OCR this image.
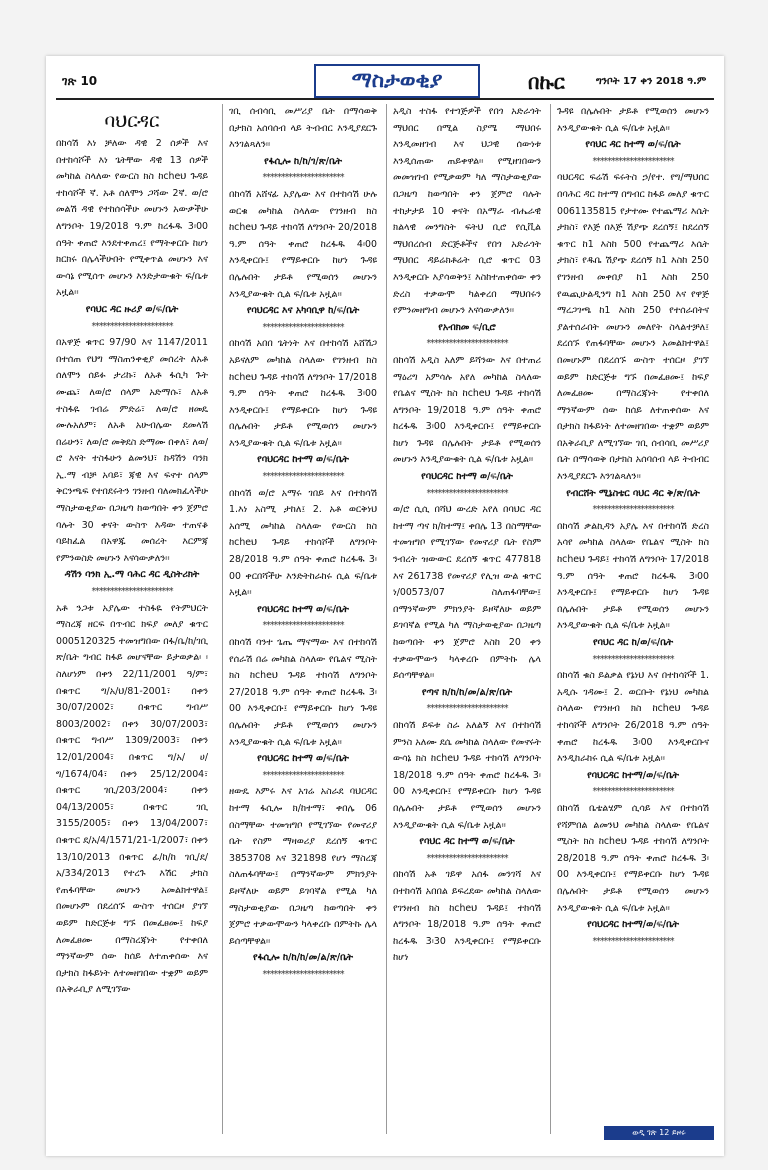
ገጽ 10	ማስታወቂያ	በኩር	ግንቦት 17 ቀን 2018 ዓ.ም
ባህርዳር

በከሳሽ እነ ቻለው ዳዊ 2 ሰዎች እና በተከሳሾች እነ ጌትቸው ዳዊ 13 ሰዎች መካከል ስላለው የውርስ ክስ ከcheህ ጉዳይ ተከሳሾች ኛ. አቶ ሰለሞን ጋሻው 2ኛ. ወ/ሮ መልሽ ዳዊ የተከሰሳችሁ መሆኑን አውቃችሁ ለግንቦት 19/2018 ዓ.ም ከረፋዱ 3፡00 ሰዓት ቀጠሮ እንደተቀጠረ፤ የማትቀርቡ ከሆነ ክርክሩ በሌላችሁበት የሚቀጥል መሆኑን እና ውሳኔ የሚሰጥ መሆኑን እንድታውቁት ፍ/ቤቱ አዟል፡፡

የባህር ዳር ዙሪያ ወ/ፍ/ቤት

**********************

በአዋጅ ቁጥር 97/90 እና 1147/2011 በተሰጠ የህግ ማስጠንቀቂያ መሰረት ለአቶ ሰለሞን ሰይፉ ታሪኩ፣ ለአቶ ፋሲካ ጉት ሙጨ፣ ለወ/ሮ ሰላም አድማሱ፣ ለአቶ ተስፋዬ ገብሬ ምድሬ፣ ለወ/ሮ ዘመዴ ሙሉአለም፣ ለአቶ አሁብሌው ደመላሽ በሬሁን፣ ለወ/ሮ መቅደስ ድማሙ በቀለ፣ ለወ/ሮ እናት ተስፋሁን ልመንህ፣ ከዳሽን ባንክ ኢ.ማ ብቻ አባይ፣ ጃዊ እና ፍኖተ ሰላም ቅርንጫፍ የተበደሩትን ገንዘብ ባለመክፈላችሁ ማስታወቂያው በጋዜጣ ከወጣበት ቀን ጀምሮ ባሉት 30 ቀናት ውስጥ እዳው ተጠናቆ ባይከፈል በአዋጁ መሰረት እርምጃ የምንወስድ መሆኑን እናሳውቃለን፡፡

ዳሽን ባንክ ኢ.ማ ባሕር ዳር ዲስትሪክት

**********************

አቶ ንጋቱ አያሌው ተስፋዬ የትምህርት ማስረጃ ዘርፍ በጥብር ክፍያ መለያ ቁጥር 0005120325 ተመዝግበው በፋ/ቤ/ከ/ገቢ ጽ/ቤት ግብር ከፋይ መሆናቸው ይታወቃል፡ ፡ ስለሆነም በቀን 22/11/2001 ዓ/ም፣ በቁጥር ግ/አ/ህ/81-2001፣ በቀን 30/07/2002፣ በቁጥር ግብሥ 8003/2002፣ በቀን 30/07/2003፣ በቁጥር ግብሥ 1309/2003፣ በቀን 12/01/2004፣ በቁጥር ግ/አ/ ሀ/ግ/1674/04፣ በቀን 25/12/2004፣ በቁጥር ገቢ/203/2004፣ በቀን 04/13/2005፣ በቁጥር ገቢ 3155/2005፣ በቀን 13/04/2007፣ በቁጥር ደ/አ/4/1571/21-1/2007፣ በቀን 13/10/2013 በቁጥር ፊ/ከ/ከ ገቢ/ደ/አ/334/2013 የተረጉ እሽር ታክስ የጠፋባቸው መሆኑን አመልክተዋል፤ በመሆኑም በደረሰኙ ውስጥ ተሰርዞ ያገኘ ወይም ከድርጅቱ ግኙ በመፈፀሙ፤ ከፍያ ለመፈፀሙ በማስረጃነት የተቀበለ ማንኛውም ሰው ከሰይ ለተጠቀሰው እና በታክስ ከፋይነት ለተመዘገበው ተቋም ወይም በአቅራቢያ ለሚገኘው

ገቢ ሰብሳቢ መሥሪያ ቤት በማሳወቅ በታክስ አሰባሰብ ላይ ትብብር እንዲያደርጉ እንገልጻለን፡፡

የፋሲሎ ከ/ከ/ገ/ጽ/ቤት

**********************

በከሳሽ አሸናፊ አያሌው እና በተከሳሽ ሁሉ ወርቁ መካከል ስላለው የገንዘብ ክስ ከcheህ ጉዳይ ተከሳሽ ለግንቦት 20/2018 ዓ.ም ሰዓት ቀጠሮ ከረፋዱ 4፡00 እንዲቀርቡ፤ የማይቀርቡ ከሆነ ጉዳዩ በሌሉበት ታይቶ የሚወሰን መሆኑን እንዲያውቁት ሲል ፍ/ቤቱ አዟል፡፡

የባህርዳር እና አካባቢዋ ከ/ፍ/ቤት

**********************

በከሳሽ አበበ ጌትነት እና በተከሳሽ አሸሽጋ አይናለም መካከል ስላለው የገንዘብ ክስ ከcheህ ጉዳይ ተከሳሽ ለግንቦት 17/2018 ዓ.ም ሰዓት ቀጠሮ ከረፋዱ 3፡00 እንዲቀርቡ፤ የማይቀርቡ ከሆነ ጉዳዩ በሌሉበት ታይቶ የሚወሰን መሆኑን እንዲያውቁት ሲል ፍ/ቤቱ አዟል፡፡

የባህርዳር ከተማ ወ/ፍ/ቤት

**********************

በከሳሽ ወ/ሮ አማሩ ገበይ እና በተከሳሽ 1.እነ አስሚ ታከለ፤ 2. አቶ ወርቅነህ አሰሚ መካከል ስላለው የውርስ ክስ ከcheህ ጉዳይ ተከሳሾች ለግንቦት 28/2018 ዓ.ም ሰዓት ቀጠሮ ከረፋዱ 3፡00 ቀርበሻችሁ እንድትከራከሩ ሲል ፍ/ቤቱ አዟል፡፡

የባህርዳር ከተማ ወ/ፍ/ቤት

**********************

በከሳሽ ባንተ ጌጤ ማናማው እና በተከሳሽ የሰራሽ በሬ መካከል ስላለው የቤልና ሚስት ክስ ከcheህ ጉዳይ ተከሳሽ ለግንቦት 27/2018 ዓ.ም ሰዓት ቀጠሮ ከረፋዱ 3፡00 እንዲቀርቡ፤ የማይቀርቡ ከሆነ ጉዳዩ በሌሉበት ታይቶ የሚወሰን መሆኑን እንዲያውቁት ሲል ፍ/ቤቱ አዟል፡፡

የባህርዳር ከተማ ወ/ፍ/ቤት

**********************

ዘውዴ እምሩ እና አገሬ አስራደ ባህርዳር ከተማ ፋሲሎ ክ/ከተማ፣ ቀበሌ 06 በስማቸው ተመዝግቦ የሚገኘው የመኖሪያ ቤት የስም ማዛወሪያ ደረሰኝ ቁጥር 3853708 እና 321898 የሆነ ማስረጃ ስለጠፋባቸው፤ በማንኛውም ምክንያት ይዞኛለሁ ወይም ይገባኛል የሚል ካለ ማስታወቂያው በጋዜጣ ከወጣበት ቀን ጀምሮ ተቃውሞውን ካላቀረቡ በምትኩ ሌላ ይሰጣቸዋል፡፡

የፋሲሎ ከ/ከ/ከ/መ/ል/ጽ/ቤት

**********************

አዲስ ተስፋ የተጎጅዎች የበጎ አድራጎት ማህበር በሚል ስያሜ ማህበሩ እንዲመዘገብ እና ህጋዊ ሰውነቱ እንዲሰጠው ጠይቀዋል፡፡ የሚዘገበውን መመዝገብ የሚቃወም ካለ ማስታወቂያው በጋዜጣ ከወጣበት ቀን ጀምሮ ባሉት ተከታታይ 10 ቀናት በአማራ ብሔራዊ ክልላዊ መንግስት ፍትህ ቢሮ የሲቪል ማህበረሰብ ድርጅቶችና የበጎ አድራጎት ማህበር ዳይሬክቶሬት ቢሮ ቁጥር 03 እንዲቀርቡ እያሳወቅን፤ እስከተጠቀሰው ቀን ድረስ ተቃውሞ ካልቀረበ ማህበሩን የምንመዘግብ መሆኑን እናሳውቃለን፡፡

የአብክመ ፍ/ቢሮ

**********************

በከሳሽ አዲስ አለም ይሻንው እና በተጠሪ ማዕሪግ አምሳሉ አየለ መካከል ስላለው የቤልና ሚስት ክስ ከcheህ ጉዳይ ተከሳሽ ለግንቦት 19/2018 ዓ.ም ሰዓት ቀጠሮ ከረፋዱ 3፡00 እንዲቀርቡ፤ የማይቀርቡ ከሆነ ጉዳዩ በሌሉበት ታይቶ የሚወሰን መሆኑን እንዲያውቁት ሲል ፍ/ቤቱ አዟል፡፡

የባህርዳር ከተማ ወ/ፍ/ቤት

**********************

ወ/ሮ ሲሲ በሻህ ውረድ አየለ በባህር ዳር ከተማ ጣና ክ/ከተማ፤ ቀበሌ 13 በስማቸው ተመዝግቦ የሚገኘው የመኖሪያ ቤት የስም ንብረት ዝውውር ደረሰኝ ቁጥር 477818 እና 261738 የመኖሪያ የሊዝ ውል ቁጥር ነ/00573/07 ስለጠፋባቸው፤ በማንኛውም ምክንያት ይዞኛለሁ ወይም ይገባኛል የሚል ካለ ማስታወቂያው በጋዜጣ ከወጣበት ቀን ጀምሮ እስከ 20 ቀን ተቃውሞውን ካላቀረቡ በምትኩ ሌላ ይሰጣቸዋል፡፡

የጣና ክ/ከ/ከ/መ/ል/ጽ/ቤት

**********************

በከሳሽ ይፍቱ ስራ አለልኝ እና በተከሳሽ ምንስ አለሙ ደሴ መካከል ስላለው የመኖሩት ውሳኔ ክስ ከcheህ ጉዳይ ተከሳሽ ለግንቦት 18/2018 ዓ.ም ሰዓት ቀጠሮ ከረፋዱ 3፡00 እንዲቀርቡ፤ የማይቀርቡ ከሆነ ጉዳዩ በሌሉበት ታይቶ የሚወሰን መሆኑን እንዲያውቁት ሲል ፍ/ቤቱ አዟል፡፡

የባህር ዳር ከተማ ወ/ፍ/ቤት

**********************

በከሳሽ አቶ ገይዋ አሰፋ መንገሻ እና በተከሳሽ አበበል ይፍረደው መካከል ስላለው የገንዘብ ክስ ከcheህ ጉዳይ፤ ተከሳሽ ለግንቦት 18/2018 ዓ.ም ሰዓት ቀጠሮ ከረፋዱ 3፡30 እንዲቀርቡ፤ የማይቀርቡ ከሆነ

ጉዳዩ በሌሉበት ታይቶ የሚወሰን መሆኑን እንዲያውቁት ሲል ፍ/ቤቱ አዟል፡፡

የባህር ዳር ከተማ ወ/ፍ/ቤት

**********************

ባህርዳር ፍሬሽ ፍሩትስ ኃ/የተ. የግ/ማህበር በባሕር ዳር ከተማ በግብር ከፋይ መለያ ቁጥር 0061135815 የታተሙ የተጨማሪ እሴት ታክስ፣ የእጅ በእጅ ሽያጭ ደረሰኝ፤ ከደረሰኝ ቁጥር ከ1 እስከ 500 የተጨማሪ እሴት ታክስ፣ የዱቤ ሽያጭ ደረሰኝ ከ1 እስከ 250 የገንዘብ መቀበያ ከ1 እስከ 250 የዉጪሁልዲንግ ከ1 እስከ 250 እና የዋጅ ማረጋገጫ ከ1 እስከ 250 የተሰራበትና ያልተሰራበት መሆኑን መለየት ስላልተቻለ፤ ደረሰኙ የጠፋባቸው መሆኑን አመልክተዋል፤ በመሆኑም በደረሰኙ ውስጥ ተሰርዞ ያገኘ ወይም ከድርጅቱ ግኙ በመፈፀሙ፤ ከፍያ ለመፈፀሙ በማስረጃነት የተቀበለ ማንኛውም ሰው ከሰይ ለተጠቀሰው እና በታክስ ከፋይነት ለተመዘገበው ተቋም ወይም በአቅራቢያ ለሚገኘው ገቢ ሰብሳቢ መሥሪያ ቤት በማሳወቅ በታክስ አሰባሰብ ላይ ትብብር እንዲያደርጉ እንገልጻለን፡፡

የብርሸት ሚኔስቴር ባህር ዳር ቅ/ጽ/ቤት

**********************

በከሳሽ ቃልኪዳን አያሌ እና በተከሳሽ ድረስ አሳየ መካከል ስላለው የቤልና ሚስት ክስ ከcheህ ጉዳይ፤ ተከሳሽ ለግንቦት 17/2018 ዓ.ም ሰዓት ቀጠሮ ከረፋዱ 3፡00 እንዲቀርቡ፤ የማይቀርቡ ከሆነ ጉዳዩ በሌሉበት ታይቶ የሚወሰን መሆኑን እንዲያውቁት ሲል ፍ/ቤቱ አዟል፡፡

የባህር ዳር ከ/ወ/ፍ/ቤት

**********************

በከሳሽ ቁስ ይልቃል የኔነህ እና በተከሳሾች 1. አዲሱ ገዳሙ፤ 2. ወርቡት የኔነህ መካከል ስላለው የገንዘብ ክስ ከcheህ ጉዳይ ተከሳሾች ለግንቦት 26/2018 ዓ.ም ሰዓት ቀጠሮ ከረፋዱ 3፡00 እንዲቀርቡና እንዲከራከሩ ሲል ፍ/ቤቱ አዟል፡፡

የባህርዳር ከተማ/ወ/ፍ/ቤት

**********************

በከሳሽ ቤቴልሄም ሲሳይ እና በተከሳሽ የሻምበል ልመንህ መካከል ስላለው የቤልና ሚስት ክስ ከcheህ ጉዳይ ተከሳሽ ለግንቦት 28/2018 ዓ.ም ሰዓት ቀጠሮ ከረፋዱ 3፡00 እንዲቀርቡ፤ የማይቀርቡ ከሆነ ጉዳዩ በሌሉበት ታይቶ የሚወሰን መሆኑን እንዲያውቁት ሲል ፍ/ቤቱ አዟል፡፡

የባህርዳር ከተማ/ወ/ፍ/ቤት

**********************

ወዲ ገጽ 12 ይዞሩ
